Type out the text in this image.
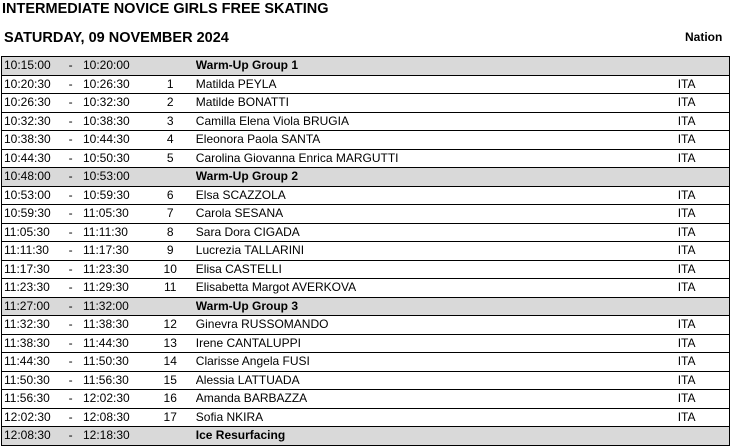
INTERMEDIATE NOVICE GIRLS FREE SKATING
SATURDAY, 09 NOVEMBER 2024	Nation
10:15:00	-	10:20:00		Warm-Up Group 1	
10:20:30	-	10:26:30	1	Matilda PEYLA	ITA
10:26:30	-	10:32:30	2	Matilde BONATTI	ITA
10:32:30	-	10:38:30	3	Camilla Elena Viola BRUGIA	ITA
10:38:30	-	10:44:30	4	Eleonora Paola SANTA	ITA
10:44:30	-	10:50:30	5	Carolina Giovanna Enrica MARGUTTI	ITA
10:48:00	-	10:53:00		Warm-Up Group 2	
10:53:00	-	10:59:30	6	Elsa SCAZZOLA	ITA
10:59:30	-	11:05:30	7	Carola SESANA	ITA
11:05:30	-	11:11:30	8	Sara Dora CIGADA	ITA
11:11:30	-	11:17:30	9	Lucrezia TALLARINI	ITA
11:17:30	-	11:23:30	10	Elisa CASTELLI	ITA
11:23:30	-	11:29:30	11	Elisabetta Margot AVERKOVA	ITA
11:27:00	-	11:32:00		Warm-Up Group 3	
11:32:30	-	11:38:30	12	Ginevra RUSSOMANDO	ITA
11:38:30	-	11:44:30	13	Irene CANTALUPPI	ITA
11:44:30	-	11:50:30	14	Clarisse Angela FUSI	ITA
11:50:30	-	11:56:30	15	Alessia LATTUADA	ITA
11:56:30	-	12:02:30	16	Amanda BARBAZZA	ITA
12:02:30	-	12:08:30	17	Sofia NKIRA	ITA
12:08:30	-	12:18:30		Ice Resurfacing	
